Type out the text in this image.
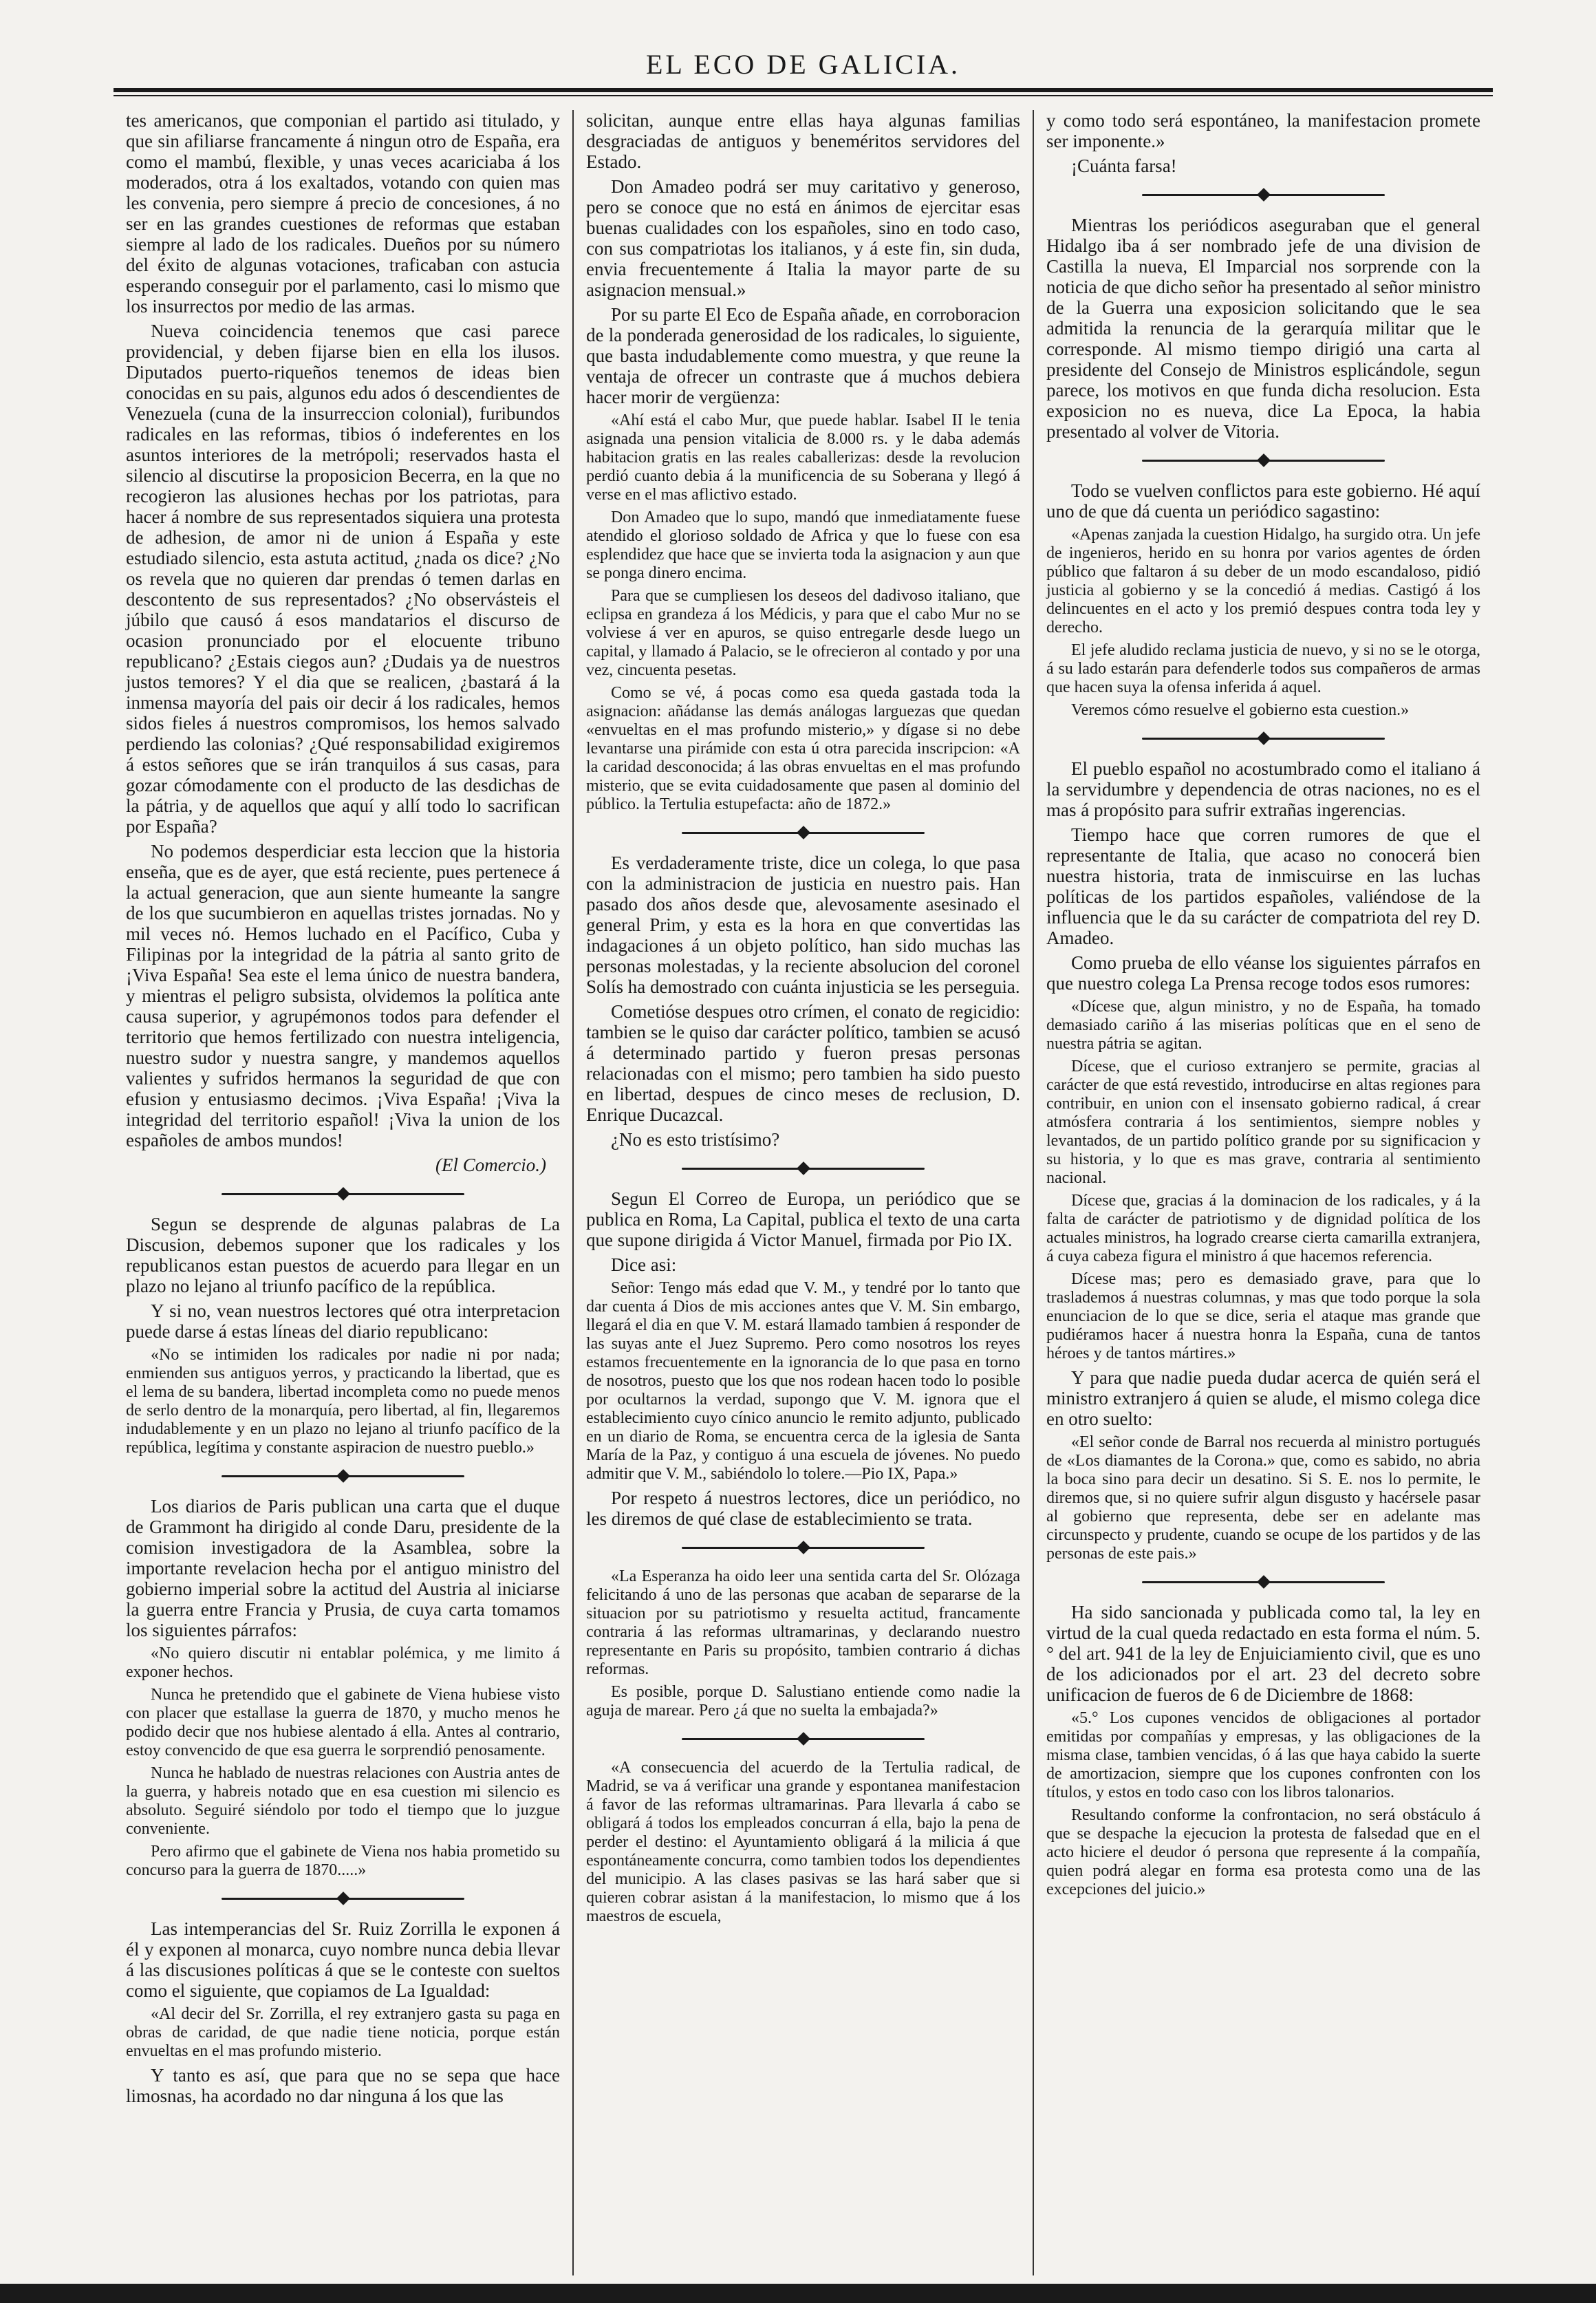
EL ECO DE GALICIA.

tes americanos, que componian el partido asi titulado, y que sin afiliarse francamente á ningun otro de España, era como el mambú, flexible, y unas veces acariciaba á los moderados, otra á los exaltados, votando con quien mas les convenia, pero siempre á precio de concesiones, á no ser en las grandes cuestiones de reformas que estaban siempre al lado de los radicales. Dueños por su número del éxito de algunas votaciones, traficaban con astucia esperando conseguir por el parlamento, casi lo mismo que los insurrectos por medio de las armas.

Nueva coincidencia tenemos que casi parece providencial, y deben fijarse bien en ella los ilusos. Diputados puerto-riqueños tenemos de ideas bien conocidas en su pais, algunos edu ados ó descendientes de Venezuela (cuna de la insurreccion colonial), furibundos radicales en las reformas, tibios ó indeferentes en los asuntos interiores de la metrópoli; reservados hasta el silencio al discutirse la proposicion Becerra, en la que no recogieron las alusiones hechas por los patriotas, para hacer á nombre de sus representados siquiera una protesta de adhesion, de amor ni de union á España y este estudiado silencio, esta astuta actitud, ¿nada os dice? ¿No os revela que no quieren dar prendas ó temen darlas en descontento de sus representados? ¿No observásteis el júbilo que causó á esos mandatarios el discurso de ocasion pronunciado por el elocuente tribuno republicano? ¿Estais ciegos aun? ¿Dudais ya de nuestros justos temores? Y el dia que se realicen, ¿bastará á la inmensa mayoría del pais oir decir á los radicales, hemos sidos fieles á nuestros compromisos, los hemos salvado perdiendo las colonias? ¿Qué responsabilidad exigiremos á estos señores que se irán tranquilos á sus casas, para gozar cómodamente con el producto de las desdichas de la pátria, y de aquellos que aquí y allí todo lo sacrifican por España?

No podemos desperdiciar esta leccion que la historia enseña, que es de ayer, que está reciente, pues pertenece á la actual generacion, que aun siente humeante la sangre de los que sucumbieron en aquellas tristes jornadas. No y mil veces nó. Hemos luchado en el Pacífico, Cuba y Filipinas por la integridad de la pátria al santo grito de ¡Viva España! Sea este el lema único de nuestra bandera, y mientras el peligro subsista, olvidemos la política ante causa superior, y agrupémonos todos para defender el territorio que hemos fertilizado con nuestra inteligencia, nuestro sudor y nuestra sangre, y mandemos aquellos valientes y sufridos hermanos la seguridad de que con efusion y entusiasmo decimos. ¡Viva España! ¡Viva la integridad del territorio español! ¡Viva la union de los españoles de ambos mundos!

(El Comercio.)

Segun se desprende de algunas palabras de La Discusion, debemos suponer que los radicales y los republicanos estan puestos de acuerdo para llegar en un plazo no lejano al triunfo pacífico de la república.

Y si no, vean nuestros lectores qué otra interpretacion puede darse á estas líneas del diario republicano:

«No se intimiden los radicales por nadie ni por nada; enmienden sus antiguos yerros, y practicando la libertad, que es el lema de su bandera, libertad incompleta como no puede menos de serlo dentro de la monarquía, pero libertad, al fin, llegaremos indudablemente y en un plazo no lejano al triunfo pacífico de la república, legítima y constante aspiracion de nuestro pueblo.»

Los diarios de Paris publican una carta que el duque de Grammont ha dirigido al conde Daru, presidente de la comision investigadora de la Asamblea, sobre la importante revelacion hecha por el antiguo ministro del gobierno imperial sobre la actitud del Austria al iniciarse la guerra entre Francia y Prusia, de cuya carta tomamos los siguientes párrafos:

«No quiero discutir ni entablar polémica, y me limito á exponer hechos.

Nunca he pretendido que el gabinete de Viena hubiese visto con placer que estallase la guerra de 1870, y mucho menos he podido decir que nos hubiese alentado á ella. Antes al contrario, estoy convencido de que esa guerra le sorprendió penosamente.

Nunca he hablado de nuestras relaciones con Austria antes de la guerra, y habreis notado que en esa cuestion mi silencio es absoluto. Seguiré siéndolo por todo el tiempo que lo juzgue conveniente.

Pero afirmo que el gabinete de Viena nos habia prometido su concurso para la guerra de 1870.....»

Las intemperancias del Sr. Ruiz Zorrilla le exponen á él y exponen al monarca, cuyo nombre nunca debia llevar á las discusiones políticas á que se le conteste con sueltos como el siguiente, que copiamos de La Igualdad:

«Al decir del Sr. Zorrilla, el rey extranjero gasta su paga en obras de caridad, de que nadie tiene noticia, porque están envueltas en el mas profundo misterio.

Y tanto es así, que para que no se sepa que hace limosnas, ha acordado no dar ninguna á los que las

solicitan, aunque entre ellas haya algunas familias desgraciadas de antiguos y beneméritos servidores del Estado.

Don Amadeo podrá ser muy caritativo y generoso, pero se conoce que no está en ánimos de ejercitar esas buenas cualidades con los españoles, sino en todo caso, con sus compatriotas los italianos, y á este fin, sin duda, envia frecuentemente á Italia la mayor parte de su asignacion mensual.»

Por su parte El Eco de España añade, en corroboracion de la ponderada generosidad de los radicales, lo siguiente, que basta indudablemente como muestra, y que reune la ventaja de ofrecer un contraste que á muchos debiera hacer morir de vergüenza:

«Ahí está el cabo Mur, que puede hablar. Isabel II le tenia asignada una pension vitalicia de 8.000 rs. y le daba además habitacion gratis en las reales caballerizas: desde la revolucion perdió cuanto debia á la munificencia de su Soberana y llegó á verse en el mas aflictivo estado.

Don Amadeo que lo supo, mandó que inmediatamente fuese atendido el glorioso soldado de Africa y que lo fuese con esa esplendidez que hace que se invierta toda la asignacion y aun que se ponga dinero encima.

Para que se cumpliesen los deseos del dadivoso italiano, que eclipsa en grandeza á los Médicis, y para que el cabo Mur no se volviese á ver en apuros, se quiso entregarle desde luego un capital, y llamado á Palacio, se le ofrecieron al contado y por una vez, cincuenta pesetas.

Como se vé, á pocas como esa queda gastada toda la asignacion: añádanse las demás análogas larguezas que quedan «envueltas en el mas profundo misterio,» y dígase si no debe levantarse una pirámide con esta ú otra parecida inscripcion: «A la caridad desconocida; á las obras envueltas en el mas profundo misterio, que se evita cuidadosamente que pasen al dominio del público. la Tertulia estupefacta: año de 1872.»

Es verdaderamente triste, dice un colega, lo que pasa con la administracion de justicia en nuestro pais. Han pasado dos años desde que, alevosamente asesinado el general Prim, y esta es la hora en que convertidas las indagaciones á un objeto político, han sido muchas las personas molestadas, y la reciente absolucion del coronel Solís ha demostrado con cuánta injusticia se les perseguia.

Cometióse despues otro crímen, el conato de regicidio: tambien se le quiso dar carácter político, tambien se acusó á determinado partido y fueron presas personas relacionadas con el mismo; pero tambien ha sido puesto en libertad, despues de cinco meses de reclusion, D. Enrique Ducazcal.

¿No es esto tristísimo?

Segun El Correo de Europa, un periódico que se publica en Roma, La Capital, publica el texto de una carta que supone dirigida á Victor Manuel, firmada por Pio IX.

Dice asi:

Señor: Tengo más edad que V. M., y tendré por lo tanto que dar cuenta á Dios de mis acciones antes que V. M. Sin embargo, llegará el dia en que V. M. estará llamado tambien á responder de las suyas ante el Juez Supremo. Pero como nosotros los reyes estamos frecuentemente en la ignorancia de lo que pasa en torno de nosotros, puesto que los que nos rodean hacen todo lo posible por ocultarnos la verdad, supongo que V. M. ignora que el establecimiento cuyo cínico anuncio le remito adjunto, publicado en un diario de Roma, se encuentra cerca de la iglesia de Santa María de la Paz, y contiguo á una escuela de jóvenes. No puedo admitir que V. M., sabiéndolo lo tolere.—Pio IX, Papa.»

Por respeto á nuestros lectores, dice un periódico, no les diremos de qué clase de establecimiento se trata.

«La Esperanza ha oido leer una sentida carta del Sr. Olózaga felicitando á uno de las personas que acaban de separarse de la situacion por su patriotismo y resuelta actitud, francamente contraria á las reformas ultramarinas, y declarando nuestro representante en Paris su propósito, tambien contrario á dichas reformas.

Es posible, porque D. Salustiano entiende como nadie la aguja de marear. Pero ¿á que no suelta la embajada?»

«A consecuencia del acuerdo de la Tertulia radical, de Madrid, se va á verificar una grande y espontanea manifestacion á favor de las reformas ultramarinas. Para llevarla á cabo se obligará á todos los empleados concurran á ella, bajo la pena de perder el destino: el Ayuntamiento obligará á la milicia á que espontáneamente concurra, como tambien todos los dependientes del municipio. A las clases pasivas se las hará saber que si quieren cobrar asistan á la manifestacion, lo mismo que á los maestros de escuela,

y como todo será espontáneo, la manifestacion promete ser imponente.»

¡Cuánta farsa!

Mientras los periódicos aseguraban que el general Hidalgo iba á ser nombrado jefe de una division de Castilla la nueva, El Imparcial nos sorprende con la noticia de que dicho señor ha presentado al señor ministro de la Guerra una exposicion solicitando que le sea admitida la renuncia de la gerarquía militar que le corresponde. Al mismo tiempo dirigió una carta al presidente del Consejo de Ministros esplicándole, segun parece, los motivos en que funda dicha resolucion. Esta exposicion no es nueva, dice La Epoca, la habia presentado al volver de Vitoria.

Todo se vuelven conflictos para este gobierno. Hé aquí uno de que dá cuenta un periódico sagastino:

«Apenas zanjada la cuestion Hidalgo, ha surgido otra. Un jefe de ingenieros, herido en su honra por varios agentes de órden público que faltaron á su deber de un modo escandaloso, pidió justicia al gobierno y se la concedió á medias. Castigó á los delincuentes en el acto y los premió despues contra toda ley y derecho.

El jefe aludido reclama justicia de nuevo, y si no se le otorga, á su lado estarán para defenderle todos sus compañeros de armas que hacen suya la ofensa inferida á aquel.

Veremos cómo resuelve el gobierno esta cuestion.»

El pueblo español no acostumbrado como el italiano á la servidumbre y dependencia de otras naciones, no es el mas á propósito para sufrir extrañas ingerencias.

Tiempo hace que corren rumores de que el representante de Italia, que acaso no conocerá bien nuestra historia, trata de inmiscuirse en las luchas políticas de los partidos españoles, valiéndose de la influencia que le da su carácter de compatriota del rey D. Amadeo.

Como prueba de ello véanse los siguientes párrafos en que nuestro colega La Prensa recoge todos esos rumores:

«Dícese que, algun ministro, y no de España, ha tomado demasiado cariño á las miserias políticas que en el seno de nuestra pátria se agitan.

Dícese, que el curioso extranjero se permite, gracias al carácter de que está revestido, introducirse en altas regiones para contribuir, en union con el insensato gobierno radical, á crear atmósfera contraria á los sentimientos, siempre nobles y levantados, de un partido político grande por su significacion y su historia, y lo que es mas grave, contraria al sentimiento nacional.

Dícese que, gracias á la dominacion de los radicales, y á la falta de carácter de patriotismo y de dignidad política de los actuales ministros, ha logrado crearse cierta camarilla extranjera, á cuya cabeza figura el ministro á que hacemos referencia.

Dícese mas; pero es demasiado grave, para que lo traslademos á nuestras columnas, y mas que todo porque la sola enunciacion de lo que se dice, seria el ataque mas grande que pudiéramos hacer á nuestra honra la España, cuna de tantos héroes y de tantos mártires.»

Y para que nadie pueda dudar acerca de quién será el ministro extranjero á quien se alude, el mismo colega dice en otro suelto:

«El señor conde de Barral nos recuerda al ministro portugués de «Los diamantes de la Corona.» que, como es sabido, no abria la boca sino para decir un desatino. Si S. E. nos lo permite, le diremos que, si no quiere sufrir algun disgusto y hacérsele pasar al gobierno que representa, debe ser en adelante mas circunspecto y prudente, cuando se ocupe de los partidos y de las personas de este pais.»

Ha sido sancionada y publicada como tal, la ley en virtud de la cual queda redactado en esta forma el núm. 5.° del art. 941 de la ley de Enjuiciamiento civil, que es uno de los adicionados por el art. 23 del decreto sobre unificacion de fueros de 6 de Diciembre de 1868:

«5.° Los cupones vencidos de obligaciones al portador emitidas por compañías y empresas, y las obligaciones de la misma clase, tambien vencidas, ó á las que haya cabido la suerte de amortizacion, siempre que los cupones confronten con los títulos, y estos en todo caso con los libros talonarios.

Resultando conforme la confrontacion, no será obstáculo á que se despache la ejecucion la protesta de falsedad que en el acto hiciere el deudor ó persona que represente á la compañía, quien podrá alegar en forma esa protesta como una de las excepciones del juicio.»
